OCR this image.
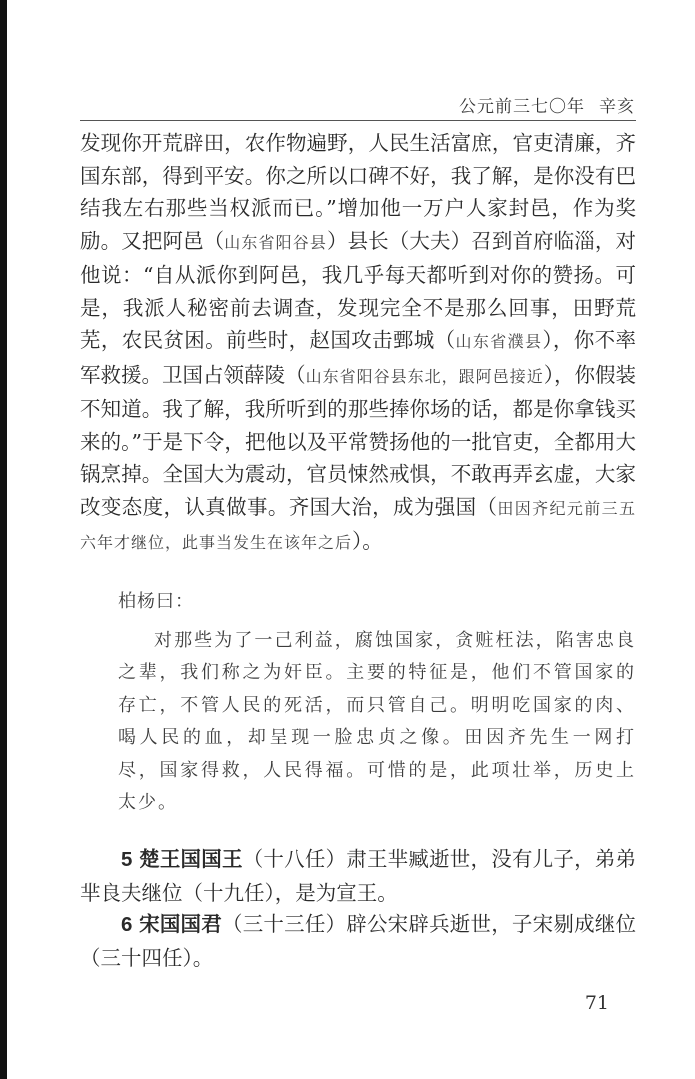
公元前三七〇年 辛亥

发现你开荒辟田，农作物遍野，人民生活富庶，官吏清廉，齐国东部，得到平安。你之所以口碑不好，我了解，是你没有巴结我左右那些当权派而已。”增加他一万户人家封邑，作为奖励。又把阿邑（山东省阳谷县）县长（大夫）召到首府临淄，对他说：“自从派你到阿邑，我几乎每天都听到对你的赞扬。可是，我派人秘密前去调查，发现完全不是那么回事，田野荒芜，农民贫困。前些时，赵国攻击鄄城（山东省濮县），你不率军救援。卫国占领薛陵（山东省阳谷县东北，跟阿邑接近），你假装不知道。我了解，我所听到的那些捧你场的话，都是你拿钱买来的。”于是下令，把他以及平常赞扬他的一批官吏，全都用大锅烹掉。全国大为震动，官员悚然戒惧，不敢再弄玄虚，大家改变态度，认真做事。齐国大治，成为强国（田因齐纪元前三五六年才继位，此事当发生在该年之后）。

柏杨曰：

对那些为了一己利益，腐蚀国家，贪赃枉法，陷害忠良之辈，我们称之为奸臣。主要的特征是，他们不管国家的存亡，不管人民的死活，而只管自己。明明吃国家的肉、喝人民的血，却呈现一脸忠贞之像。田因齐先生一网打尽，国家得救，人民得福。可惜的是，此项壮举，历史上太少。

5 楚王国国王（十八任）肃王芈臧逝世，没有儿子，弟弟芈良夫继位（十九任），是为宣王。

6 宋国国君（三十三任）辟公宋辟兵逝世，子宋剔成继位（三十四任）。

71
